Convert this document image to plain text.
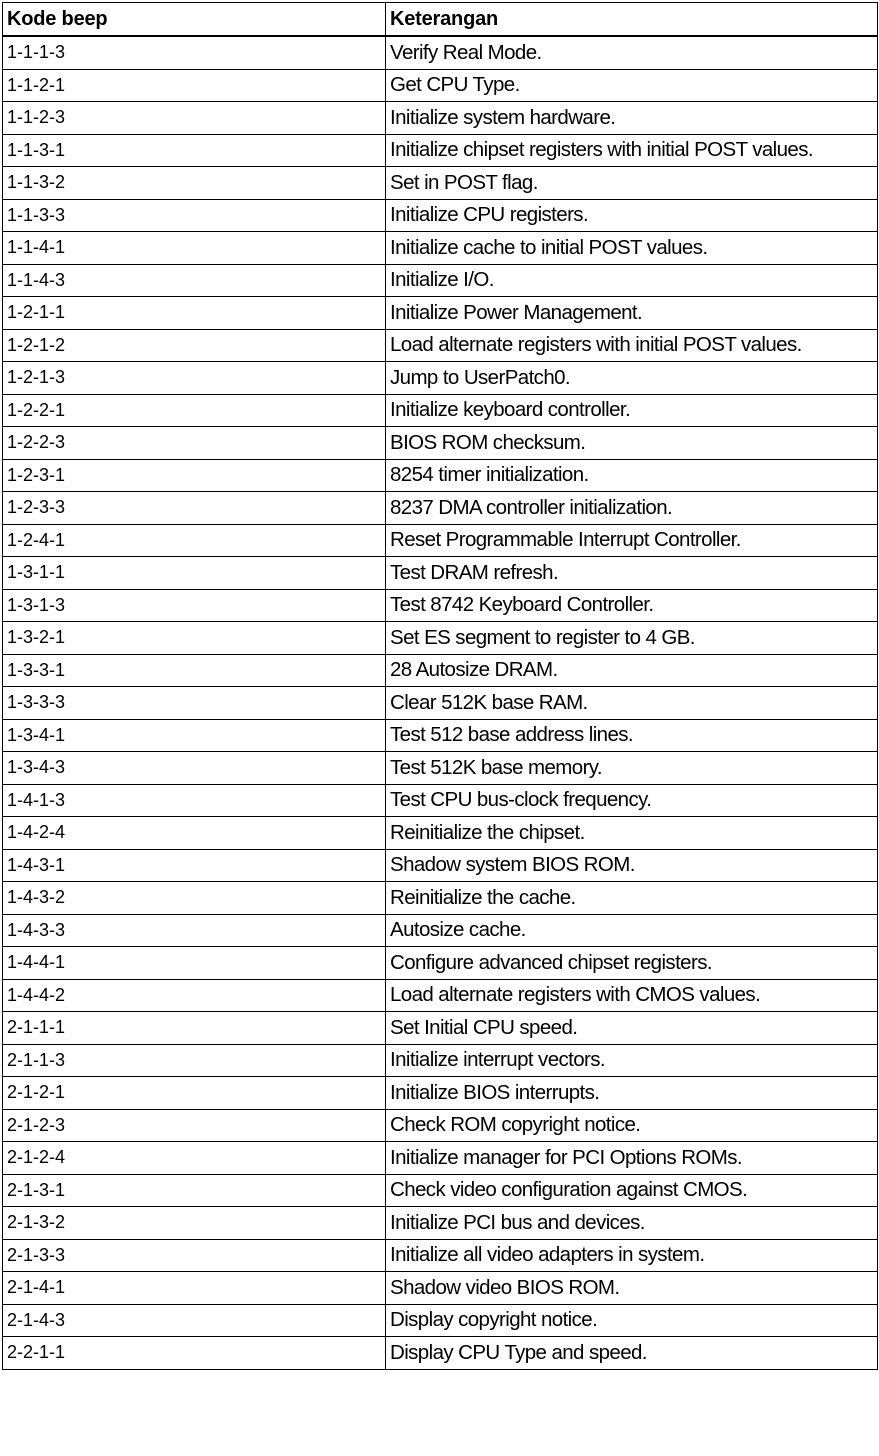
Kode beep	Keterangan
1-1-1-3	Verify Real Mode.
1-1-2-1	Get CPU Type.
1-1-2-3	Initialize system hardware.
1-1-3-1	Initialize chipset registers with initial POST values.
1-1-3-2	Set in POST flag.
1-1-3-3	Initialize CPU registers.
1-1-4-1	Initialize cache to initial POST values.
1-1-4-3	Initialize I/O.
1-2-1-1	Initialize Power Management.
1-2-1-2	Load alternate registers with initial POST values.
1-2-1-3	Jump to UserPatch0.
1-2-2-1	Initialize keyboard controller.
1-2-2-3	BIOS ROM checksum.
1-2-3-1	8254 timer initialization.
1-2-3-3	8237 DMA controller initialization.
1-2-4-1	Reset Programmable Interrupt Controller.
1-3-1-1	Test DRAM refresh.
1-3-1-3	Test 8742 Keyboard Controller.
1-3-2-1	Set ES segment to register to 4 GB.
1-3-3-1	28 Autosize DRAM.
1-3-3-3	Clear 512K base RAM.
1-3-4-1	Test 512 base address lines.
1-3-4-3	Test 512K base memory.
1-4-1-3	Test CPU bus-clock frequency.
1-4-2-4	Reinitialize the chipset.
1-4-3-1	Shadow system BIOS ROM.
1-4-3-2	Reinitialize the cache.
1-4-3-3	Autosize cache.
1-4-4-1	Configure advanced chipset registers.
1-4-4-2	Load alternate registers with CMOS values.
2-1-1-1	Set Initial CPU speed.
2-1-1-3	Initialize interrupt vectors.
2-1-2-1	Initialize BIOS interrupts.
2-1-2-3	Check ROM copyright notice.
2-1-2-4	Initialize manager for PCI Options ROMs.
2-1-3-1	Check video configuration against CMOS.
2-1-3-2	Initialize PCI bus and devices.
2-1-3-3	Initialize all video adapters in system.
2-1-4-1	Shadow video BIOS ROM.
2-1-4-3	Display copyright notice.
2-2-1-1	Display CPU Type and speed.
